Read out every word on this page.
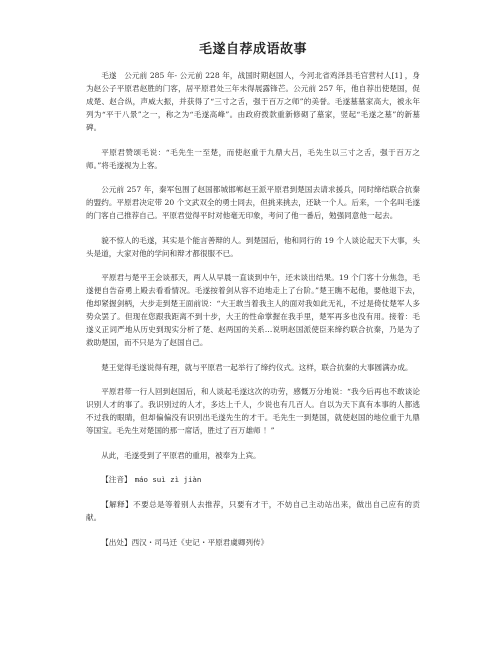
毛遂自荐成语故事

毛遂　公元前 285 年- 公元前 228 年，战国时期赵国人，今河北省鸡泽县毛官营村人[1] ，身为赵公子平原君赵胜的门客，居平原君处三年未得展露锋芒。公元前 257 年，他自荐出使楚国，促成楚、赵合纵，声威大振，并获得了“三寸之舌，强于百万之师”的美誉。毛遂墓墓家高大，被永年列为“平干八景”之一，称之为“毛遂高峰”。由政府拨款重新修砌了墓家，竖起“毛遂之墓”的新墓碑。

平原君赞颂毛说：“毛先生一至楚，而使赵重于九鼎大吕，毛先生以三寸之舌，强于百万之师。”将毛遂视为上客。

公元前 257 年，秦军包围了赵国都城邯郸赵王派平原君到楚国去请求援兵，同时缔结联合抗秦的盟约。平原君决定带 20 个文武双全的勇士同去，但挑来挑去，还缺一个人。后来，一个名叫毛遂的门客自己推荐自己。平原君觉得平时对他毫无印象，考问了他一番后，勉强同意他一起去。

貌不惊人的毛遂，其实是个能言善辩的人。到楚国后，他和同行的 19 个人谈论起天下大事，头头是道，大家对他的学问和辩才都很服不已。

平原君与楚平王会谈那天，两人从早晨一直谈到中午，还未谈出结果。19 个门客十分焦急，毛遂便自告奋勇上殿去看看情况。毛遂按着剑从容不迫地走上了台阶。”楚王瞧不起他，要他退下去，他却紧握剑柄，大步走到楚王面前说：“大王敢当着我主人的面对我如此无礼，不过是倚仗楚军人多势众罢了。但现在您跟我距离不到十步，大王的性命掌握在我手里，楚军再多也没有用。接着：毛遂义正词严地从历史到现实分析了楚、赵两国的关系…说明赵国派使臣来缔约联合抗秦，乃是为了救助楚国，而不只是为了赵国自己。

楚王觉得毛遂说得有理，就与平原君一起举行了缔约仪式。这样，联合抗秦的大事圆满办成。

平原君带一行人回到赵国后，和人谈起毛遂这次的功劳，感慨万分地说：“我今后再也不敢谈论识别人才的事了。我识别过的人才，多达上千人，少说也有几百人。自以为天下真有本事的人都逃不过我的眼睛，但却偏偏没有识别出毛遂先生的才干。毛先生一到楚国，就使赵国的地位重于九鼎等国宝。毛先生对楚国的那一席话，胜过了百万雄师 ！”

从此，毛遂受到了平原君的重用，被奉为上宾。

【注音】 máo suì zì jiàn

【解释】不要总是等着别人去推荐，只要有才干，不妨自己主动站出来，做出自己应有的贡献。

【出处】西汉・司马迁《史记・平原君虞卿列传》
